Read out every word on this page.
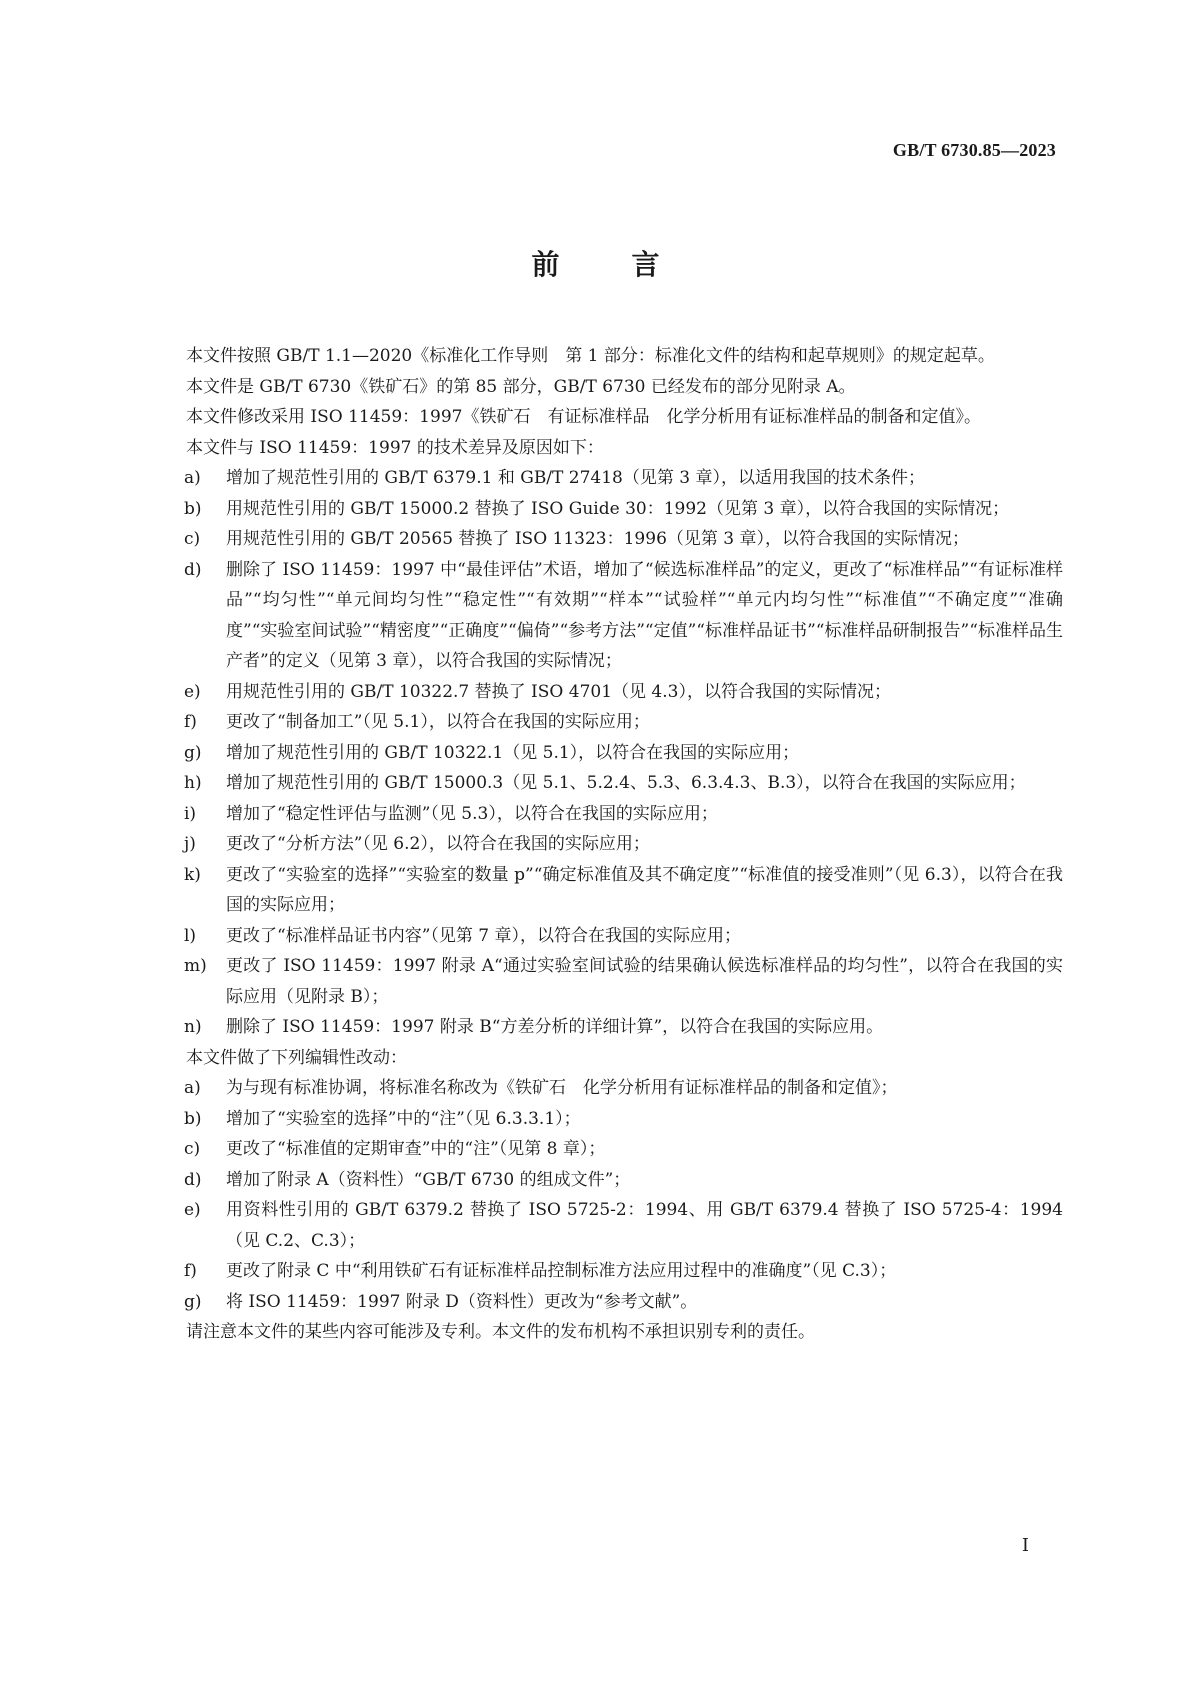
GB/T 6730.85—2023
前言

本文件按照 GB/T 1.1—2020《标准化工作导则　第 1 部分：标准化文件的结构和起草规则》的规定起草。

本文件是 GB/T 6730《铁矿石》的第 85 部分，GB/T 6730 已经发布的部分见附录 A。

本文件修改采用 ISO 11459：1997《铁矿石　有证标准样品　化学分析用有证标准样品的制备和定值》。

本文件与 ISO 11459：1997 的技术差异及原因如下：

a)	增加了规范性引用的 GB/T 6379.1 和 GB/T 27418（见第 3 章），以适用我国的技术条件；
b)	用规范性引用的 GB/T 15000.2 替换了 ISO Guide 30：1992（见第 3 章），以符合我国的实际情况；
c)	用规范性引用的 GB/T 20565 替换了 ISO 11323：1996（见第 3 章），以符合我国的实际情况；
d)	删除了 ISO 11459：1997 中“最佳评估”术语，增加了“候选标准样品”的定义，更改了“标准样品”“有证标准样品”“均匀性”“单元间均匀性”“稳定性”“有效期”“样本”“试验样”“单元内均匀性”“标准值”“不确定度”“准确度”“实验室间试验”“精密度”“正确度”“偏倚”“参考方法”“定值”“标准样品证书”“标准样品研制报告”“标准样品生产者”的定义（见第 3 章），以符合我国的实际情况；
e)	用规范性引用的 GB/T 10322.7 替换了 ISO 4701（见 4.3），以符合我国的实际情况；
f)	更改了“制备加工”（见 5.1），以符合在我国的实际应用；
g)	增加了规范性引用的 GB/T 10322.1（见 5.1），以符合在我国的实际应用；
h)	增加了规范性引用的 GB/T 15000.3（见 5.1、5.2.4、5.3、6.3.4.3、B.3），以符合在我国的实际应用；
i)	增加了“稳定性评估与监测”（见 5.3），以符合在我国的实际应用；
j)	更改了“分析方法”（见 6.2），以符合在我国的实际应用；
k)	更改了“实验室的选择”“实验室的数量 p”“确定标准值及其不确定度”“标准值的接受准则”（见 6.3），以符合在我国的实际应用；
l)	更改了“标准样品证书内容”（见第 7 章），以符合在我国的实际应用；
m)	更改了 ISO 11459：1997 附录 A“通过实验室间试验的结果确认候选标准样品的均匀性”，以符合在我国的实际应用（见附录 B）；
n)	删除了 ISO 11459：1997 附录 B“方差分析的详细计算”，以符合在我国的实际应用。

本文件做了下列编辑性改动：

a)	为与现有标准协调，将标准名称改为《铁矿石　化学分析用有证标准样品的制备和定值》；
b)	增加了“实验室的选择”中的“注”（见 6.3.3.1）；
c)	更改了“标准值的定期审查”中的“注”（见第 8 章）；
d)	增加了附录 A（资料性）“GB/T 6730 的组成文件”；
e)	用资料性引用的 GB/T 6379.2 替换了 ISO 5725-2：1994、用 GB/T 6379.4 替换了 ISO 5725-4：1994（见 C.2、C.3）；
f)	更改了附录 C 中“利用铁矿石有证标准样品控制标准方法应用过程中的准确度”（见 C.3）；
g)	将 ISO 11459：1997 附录 D（资料性）更改为“参考文献”。

请注意本文件的某些内容可能涉及专利。本文件的发布机构不承担识别专利的责任。

Ⅰ
